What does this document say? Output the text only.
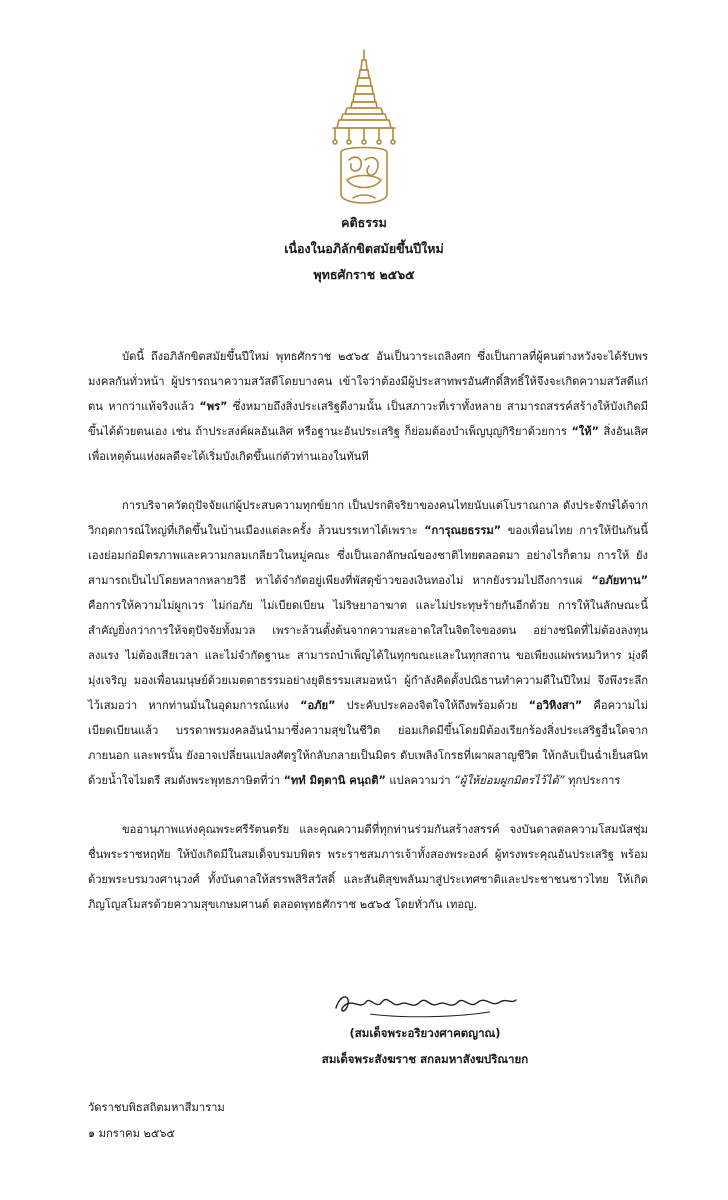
คติธรรม
เนื่องในอภิลักขิตสมัยขึ้นปีใหม่
พุทธศักราช ๒๕๖๕

บัดนี้ ถึงอภิลักขิตสมัยขึ้นปีใหม่ พุทธศักราช ๒๕๖๕ อันเป็นวาระเถลิงศก ซึ่งเป็นกาลที่ผู้คนต่างหวังจะได้รับพรมงคลกันทั่วหน้า ผู้ปรารถนาความสวัสดีโดยบางคน เข้าใจว่าต้องมีผู้ประสาทพรอันศักดิ์สิทธิ์ให้จึงจะเกิดความสวัสดีแก่ตน หากว่าแท้จริงแล้ว “พร” ซึ่งหมายถึงสิ่งประเสริฐดีงามนั้น เป็นสภาวะที่เราทั้งหลาย สามารถสรรค์สร้างให้บังเกิดมีขึ้นได้ด้วยตนเอง เช่น ถ้าประสงค์ผลอันเลิศ หรือฐานะอันประเสริฐ ก็ย่อมต้องบำเพ็ญบุญกิริยาด้วยการ “ให้” สิ่งอันเลิศ เพื่อเหตุต้นแห่งผลดีจะได้เริ่มบังเกิดขึ้นแก่ตัวท่านเองในทันที

การบริจาควัตถุปัจจัยแก่ผู้ประสบความทุกข์ยาก เป็นปรกติจริยาของคนไทยนับแต่โบราณกาล ดังประจักษ์ได้จากวิกฤตการณ์ใหญ่ที่เกิดขึ้นในบ้านเมืองแต่ละครั้ง ล้วนบรรเทาได้เพราะ “การุณยธรรม” ของเพื่อนไทย การให้ปันกันนี้เองย่อมก่อมิตรภาพและความกลมเกลียวในหมู่คณะ ซึ่งเป็นเอกลักษณ์ของชาติไทยตลอดมา อย่างไรก็ตาม การให้ ยังสามารถเป็นไปโดยหลากหลายวิธี หาได้จำกัดอยู่เพียงที่พัสดุข้าวของเงินทองไม่ หากยังรวมไปถึงการแผ่ “อภัยทาน” คือการให้ความไม่ผูกเวร ไม่ก่อภัย ไม่เบียดเบียน ไม่ริษยาอาฆาต และไม่ประทุษร้ายกันอีกด้วย การให้ในลักษณะนี้สำคัญยิ่งกว่าการให้จตุปัจจัยทั้งมวล เพราะล้วนตั้งต้นจากความสะอาดใสในจิตใจของตน อย่างชนิดที่ไม่ต้องลงทุนลงแรง ไม่ต้องเสียเวลา และไม่จำกัดฐานะ สามารถบำเพ็ญได้ในทุกขณะและในทุกสถาน ขอเพียงแผ่พรหมวิหาร มุ่งดี มุ่งเจริญ มองเพื่อนมนุษย์ด้วยเมตตาธรรมอย่างยุติธรรมเสมอหน้า ผู้กำลังคิดตั้งปณิธานทำความดีในปีใหม่ จึงพึงระลึกไว้เสมอว่า หากท่านมั่นในอุดมการณ์แห่ง “อภัย” ประคับประคองจิตใจให้ถึงพร้อมด้วย “อวิหิงสา” คือความไม่เบียดเบียนแล้ว บรรดาพรมงคลอันนำมาซึ่งความสุขในชีวิต ย่อมเกิดมีขึ้นโดยมิต้องเรียกร้องสิ่งประเสริฐอื่นใดจากภายนอก และพรนั้น ยังอาจเปลี่ยนแปลงศัตรูให้กลับกลายเป็นมิตร ดับเพลิงโกรธที่เผาผลาญชีวิต ให้กลับเป็นฉ่ำเย็นสนิทด้วยน้ำใจไมตรี สมดังพระพุทธภาษิตที่ว่า “ททํ มิตฺตานิ คนฺถติ” แปลความว่า “ผู้ให้ย่อมผูกมิตรไว้ได้” ทุกประการ

ขออานุภาพแห่งคุณพระศรีรัตนตรัย และคุณความดีที่ทุกท่านร่วมกันสร้างสรรค์ จงบันดาลดลความโสมนัสชุ่มชื่นพระราชหฤทัย ให้บังเกิดมีในสมเด็จบรมบพิตร พระราชสมภารเจ้าทั้งสองพระองค์ ผู้ทรงพระคุณอันประเสริฐ พร้อมด้วยพระบรมวงศานุวงศ์ ทั้งบันดาลให้สรรพสิริสวัสดิ์ และสันติสุขพลันมาสู่ประเทศชาติและประชาชนชาวไทย ให้เกิดภิญโญสโมสรด้วยความสุขเกษมศานต์ ตลอดพุทธศักราช ๒๕๖๕ โดยทั่วกัน เทอญ.

(สมเด็จพระอริยวงศาคตญาณ)
สมเด็จพระสังฆราช สกลมหาสังฆปริณายก
วัดราชบพิธสถิตมหาสีมาราม
๑ มกราคม ๒๕๖๕
